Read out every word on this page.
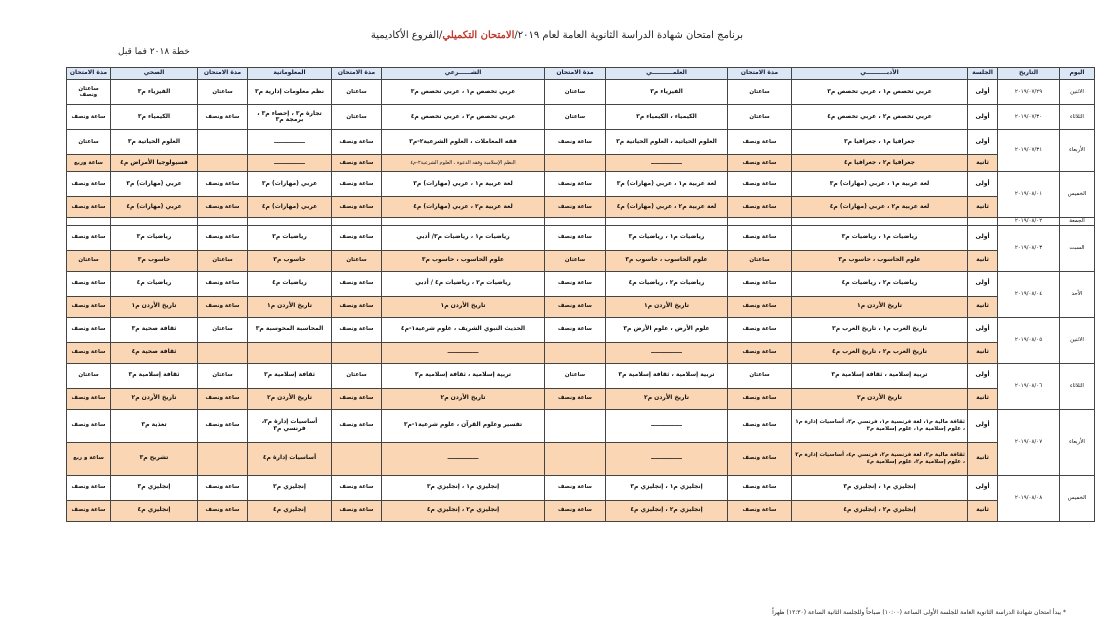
برنامج امتحان شهادة الدراسة الثانوية العامة لعام ٢٠١٩/الامتحان التكميلي/الفروع الأكاديمية
خطة ٢٠١٨ فما قبل
اليوم	التاريخ	الجلسة	الأدبــــــــــي	مدة الامتحان	العلمــــــــــي	مدة الامتحان	الشــــــرعي	مدة الامتحان	المعلوماتية	مدة الامتحان	الصحي	مدة الامتحان
الاثنين	٢٠١٩/٠٧/٢٩	أولى	عربي تخصص م١ ، عربي تخصص م٣	ساعتان	الفيزياء م٣	ساعتان	عربي تخصص م١ ، عربي تخصص م٣	ساعتان	نظم معلومات إدارية م٣	ساعتان	الفيزياء م٣	ساعتان ونصف
الثلاثاء	٢٠١٩/٠٧/٣٠	أولى	عربي تخصص م٢ ، عربي تخصص م٤	ساعتان	الكيمياء ، الكيمياء م٣	ساعتان	عربي تخصص م٢ ، عربي تخصص م٤	ساعتان	تجارة م٣ ، إحصاء م٣ ، برمجة م٣	ساعة ونصف	الكيمياء م٣	ساعة ونصف
الأربعاء	٢٠١٩/٠٧/٣١	أولى	جغرافيا م١ ، جغرافيا م٣	ساعة ونصف	العلوم الحياتية ، العلوم الحياتية م٣	ساعة ونصف	فقه المعاملات ، العلوم الشرعية٢-م٣	ساعة ونصف	ـــــــــــــــ		العلوم الحياتية م٣	ساعتان
		ثانية	جغرافيا م٢ ، جغرافيا م٤	ساعة ونصف	ـــــــــــــــ		النظم الإسلامية وفقه الدعوة ، العلوم الشرعية٢-م٤	ساعة ونصف	ـــــــــــــــ		فسيولوجيا الأمراض م٤	ساعة وربع
الخميس	٢٠١٩/٠٨/٠١	أولى	لغة عربية م١ ، عربي (مهارات) م٣	ساعة ونصف	لغة عربية م١ ، عربي (مهارات) م٣	ساعة ونصف	لغة عربية م١ ، عربي (مهارات) م٣	ساعة ونصف	عربي (مهارات) م٣	ساعة ونصف	عربي (مهارات) م٣	ساعة ونصف
		ثانية	لغة عربية م٢ ، عربي (مهارات) م٤	ساعة ونصف	لغة عربية م٢ ، عربي (مهارات) م٤	ساعة ونصف	لغة عربية م٢ ، عربي (مهارات) م٤	ساعة ونصف	عربي (مهارات) م٤	ساعة ونصف	عربي (مهارات) م٤	ساعة ونصف
الجمعة	٢٠١٩/٠٨/٠٢											
السبت	٢٠١٩/٠٨/٠٣	أولى	رياضيات م١ ، رياضيات م٣	ساعة ونصف	رياضيات م١ ، رياضيات م٣	ساعة ونصف	رياضيات م١ ، رياضيات م٣/ أدبي	ساعة ونصف	رياضيات م٣	ساعة ونصف	رياضيات م٣	ساعة ونصف
		ثانية	علوم الحاسوب ، حاسوب م٣	ساعتان	علوم الحاسوب ، حاسوب م٣	ساعتان	علوم الحاسوب ، حاسوب م٣	ساعتان	حاسوب م٣	ساعتان	حاسوب م٣	ساعتان
الأحد	٢٠١٩/٠٨/٠٤	أولى	رياضيات م٢ ، رياضيات م٤	ساعة ونصف	رياضيات م٢ ، رياضيات م٤	ساعة ونصف	رياضيات م٢ ، رياضيات م٤ / أدبي	ساعة ونصف	رياضيات م٤	ساعة ونصف	رياضيات م٤	ساعة ونصف
		ثانية	تاريخ الأردن م١	ساعة ونصف	تاريخ الأردن م١	ساعة ونصف	تاريخ الأردن م١	ساعة ونصف	تاريخ الأردن م١	ساعة ونصف	تاريخ الأردن م١	ساعة ونصف
الاثنين	٢٠١٩/٠٨/٠٥	أولى	تاريخ العرب م١ ، تاريخ العرب م٣	ساعة ونصف	علوم الأرض ، علوم الأرض م٣	ساعة ونصف	الحديث النبوي الشريف ، علوم شرعية١-م٤	ساعة ونصف	المحاسبة المحوسبة م٣	ساعتان	ثقافة صحية م٣	ساعة ونصف
		ثانية	تاريخ العرب م٢ ، تاريخ العرب م٤	ساعة ونصف	ـــــــــــــــ		ـــــــــــــــ				ثقافة صحية م٤	ساعة ونصف
الثلاثاء	٢٠١٩/٠٨/٠٦	أولى	تربية إسلامية ، ثقافة إسلامية م٣	ساعتان	تربية إسلامية ، ثقافة إسلامية م٣	ساعتان	تربية إسلامية ، ثقافة إسلامية م٣	ساعتان	ثقافة إسلامية م٣	ساعتان	ثقافة إسلامية م٣	ساعتان
		ثانية	تاريخ الأردن م٢	ساعة ونصف	تاريخ الأردن م٢	ساعة ونصف	تاريخ الأردن م٢	ساعة ونصف	تاريخ الأردن م٢	ساعة ونصف	تاريخ الأردن م٢	ساعة ونصف
الأربعاء	٢٠١٩/٠٨/٠٧	أولى	ثقافة مالية م١، لغة فرنسية م١، فرنسي م٣، أساسيات إدارة م١ ، علوم إسلامية م١، علوم إسلامية م٣	ساعة ونصف	ـــــــــــــــ		تفسير وعلوم القرآن ، علوم شرعية١-م٣	ساعة ونصف	أساسيات إدارة م٣، فرنسي م٣	ساعة ونصف	تغذية م٣	ساعة ونصف
		ثانية	ثقافة مالية م٢، لغة فرنسية م٢، فرنسي م٤، أساسيات إدارة م٢ ، علوم إسلامية م٢، علوم إسلامية م٤	ساعة ونصف	ـــــــــــــــ		ـــــــــــــــ		أساسيات إدارة م٤		تشريح م٣	ساعة و ربع
الخميس	٢٠١٩/٠٨/٠٨	أولى	إنجليزي م١ ، إنجليزي م٣	ساعة ونصف	إنجليزي م١ ، إنجليزي م٣	ساعة ونصف	إنجليزي م١ ، إنجليزي م٣	ساعة ونصف	إنجليزي م٣	ساعة ونصف	إنجليزي م٣	ساعة ونصف
		ثانية	إنجليزي م٢ ، إنجليزي م٤	ساعة ونصف	إنجليزي م٢ ، إنجليزي م٤	ساعة ونصف	إنجليزي م٢ ، إنجليزي م٤	ساعة ونصف	إنجليزي م٤	ساعة ونصف	إنجليزي م٤	ساعة ونصف
* يبدأ امتحان شهادة الدراسة الثانوية العامة للجلسة الأولى الساعة (١٠:٠٠) صباحاً وللجلسة الثانية الساعة (١٢:٣٠) ظهراً
